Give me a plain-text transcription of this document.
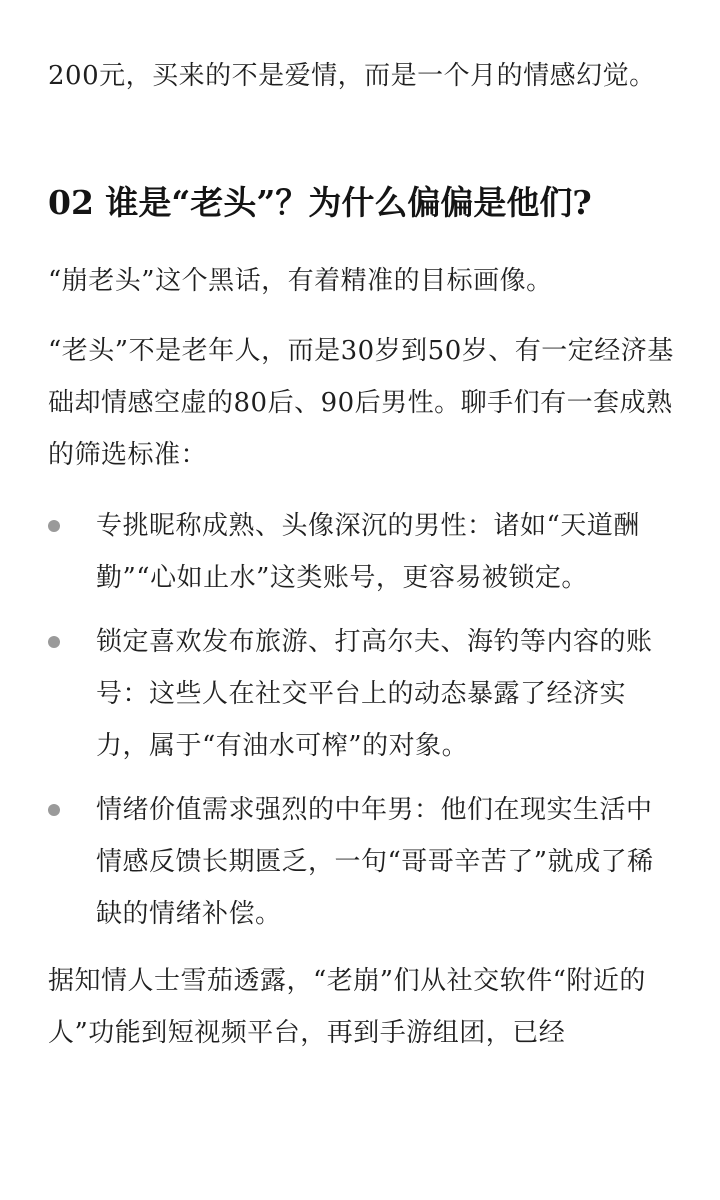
200元，买来的不是爱情，而是一个月的情感幻觉。

02 谁是“老头”？为什么偏偏是他们?

“崩老头”这个黑话，有着精准的目标画像。

“老头”不是老年人，而是30岁到50岁、有一定经济基础却情感空虚的80后、90后男性。聊手们有一套成熟的筛选标准：

专挑昵称成熟、头像深沉的男性：诸如“天道酬勤”“心如止水”这类账号，更容易被锁定。
锁定喜欢发布旅游、打高尔夫、海钓等内容的账号：这些人在社交平台上的动态暴露了经济实力，属于“有油水可榨”的对象。
情绪价值需求强烈的中年男：他们在现实生活中情感反馈长期匮乏，一句“哥哥辛苦了”就成了稀缺的情绪补偿。

据知情人士雪茄透露，“老崩”们从社交软件“附近的人”功能到短视频平台，再到手游组团，已经
